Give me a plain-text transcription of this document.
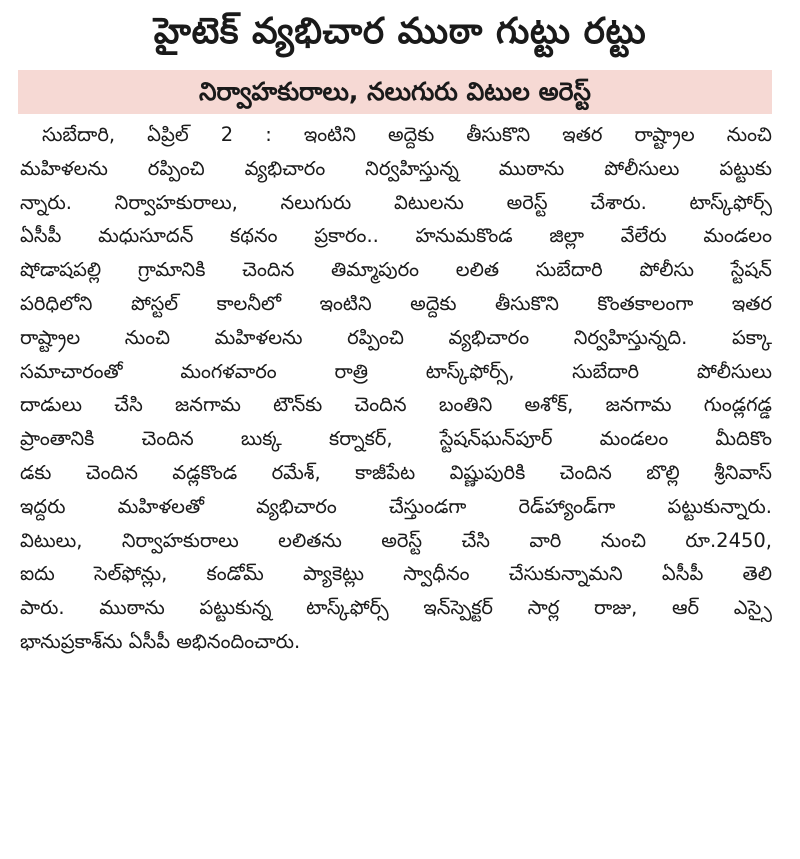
హైటెక్ వ్యభిచార ముఠా గుట్టు రట్టు
నిర్వాహకురాలు, నలుగురు విటుల అరెస్ట్
సుబేదారి, ఏప్రిల్ 2 : ఇంటిని అద్దెకు తీసుకొని ఇతర రాష్ట్రాల నుంచి
మహిళలను రప్పించి వ్యభిచారం నిర్వహిస్తున్న ముఠాను పోలీసులు పట్టుకు
న్నారు. నిర్వాహకురాలు, నలుగురు విటులను అరెస్ట్ చేశారు. టాస్క్‌ఫోర్స్
ఏసీపీ మధుసూదన్ కథనం ప్రకారం.. హనుమకొండ జిల్లా వేలేరు మండలం
షోడాషపల్లి గ్రామానికి చెందిన తిమ్మాపురం లలిత సుబేదారి పోలీసు స్టేషన్
పరిధిలోని పోస్టల్ కాలనీలో ఇంటిని అద్దెకు తీసుకొని కొంతకాలంగా ఇతర
రాష్ట్రాల నుంచి మహిళలను రప్పించి వ్యభిచారం నిర్వహిస్తున్నది. పక్కా
సమాచారంతో మంగళవారం రాత్రి టాస్క్‌ఫోర్స్, సుబేదారి పోలీసులు
దాడులు చేసి జనగామ టౌన్‌కు చెందిన బంతిని అశోక్, జనగామ గుండ్లగడ్డ
ప్రాంతానికి చెందిన బుక్క కర్నాకర్, స్టేషన్‌ఘన్‌పూర్ మండలం మీదికొం
డకు చెందిన వడ్లకొండ రమేశ్, కాజీపేట విష్ణుపురికి చెందిన బొల్లి శ్రీనివాస్
ఇద్దరు మహిళలతో వ్యభిచారం చేస్తుండగా రెడ్‌హ్యాండ్‌గా పట్టుకున్నారు.
విటులు, నిర్వాహకురాలు లలితను అరెస్ట్ చేసి వారి నుంచి రూ.2450,
ఐదు సెల్‌ఫోన్లు, కండోమ్ ప్యాకెట్లు స్వాధీనం చేసుకున్నామని ఏసీపీ తెలి
పారు. ముఠాను పట్టుకున్న టాస్క్‌ఫోర్స్ ఇన్‌స్పెక్టర్ సార్ల రాజు, ఆర్ ఎస్సై
భానుప్రకాశ్‌ను ఏసీపీ అభినందించారు.
